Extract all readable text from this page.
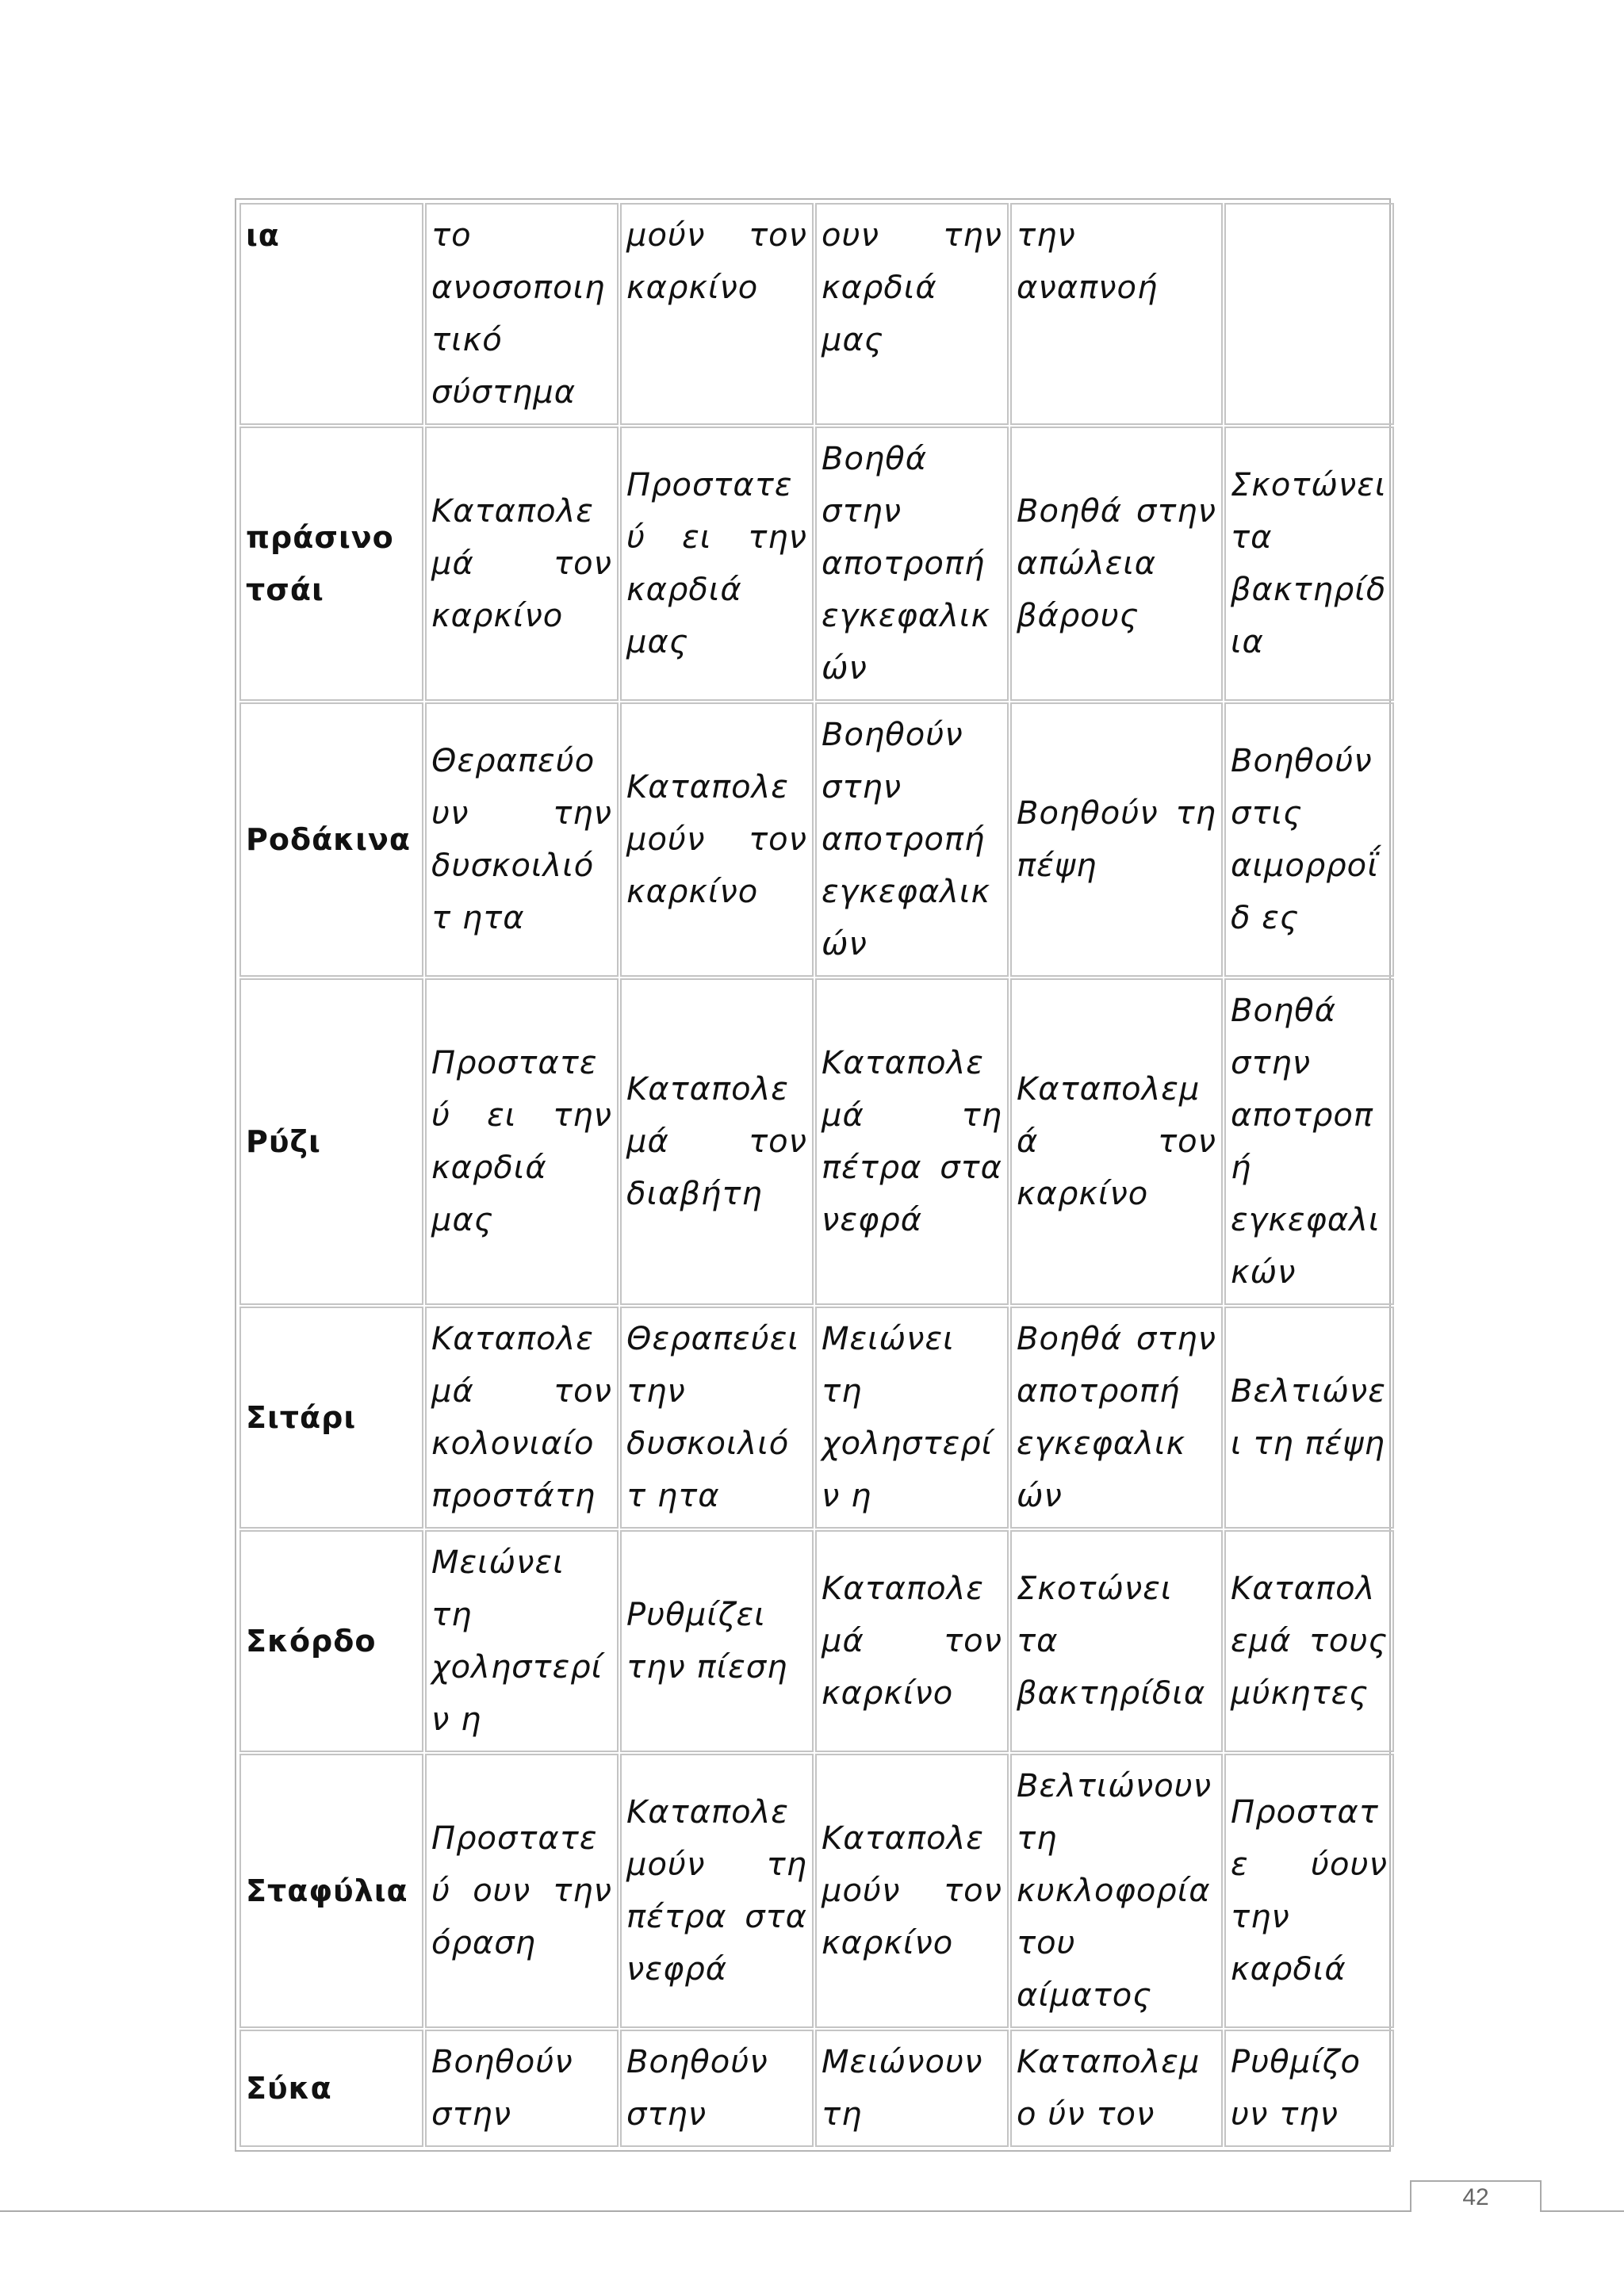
ια	το ανοσοποιη τικό σύστημα	μούν τον καρκίνο	ουν την καρδιά μας	την αναπνοή	
πράσινο τσάι	Καταπολε μά τον καρκίνο	Προστατεύ ει την καρδιά μας	Βοηθά στην αποτροπή εγκεφαλικ ών	Βοηθά στην απώλεια βάρους	Σκοτώνει τα βακτηρίδ ια
Ροδάκινα	Θεραπεύο υν την δυσκοιλιότ ητα	Καταπολε μούν τον καρκίνο	Βοηθούν στην αποτροπή εγκεφαλικ ών	Βοηθούν τη πέψη	Βοηθούν στις αιμορροΐδ ες
Ρύζι	Προστατεύ ει την καρδιά μας	Καταπολε μά τον διαβήτη	Καταπολε μά τη πέτρα στα νεφρά	Καταπολεμ ά τον καρκίνο	Βοηθά στην αποτροπ ή εγκεφαλι κών
Σιτάρι	Καταπολε μά τον κολονιαίο προστάτη	Θεραπεύει την δυσκοιλιότ ητα	Μειώνει τη χοληστερίν η	Βοηθά στην αποτροπή εγκεφαλικ ών	Βελτιώνε ι τη πέψη
Σκόρδο	Μειώνει τη χοληστερίν η	Ρυθμίζει την πίεση	Καταπολε μά τον καρκίνο	Σκοτώνει τα βακτηρίδια	Καταπολ εμά τους μύκητες
Σταφύλια	Προστατεύ ουν την όραση	Καταπολε μούν τη πέτρα στα νεφρά	Καταπολε μούν τον καρκίνο	Βελτιώνουν τη κυκλοφορία του αίματος	Προστατε ύουν την καρδιά
Σύκα	Βοηθούν στην	Βοηθούν στην	Μειώνουν τη	Καταπολεμο ύν τον	Ρυθμίζο υν την
42
